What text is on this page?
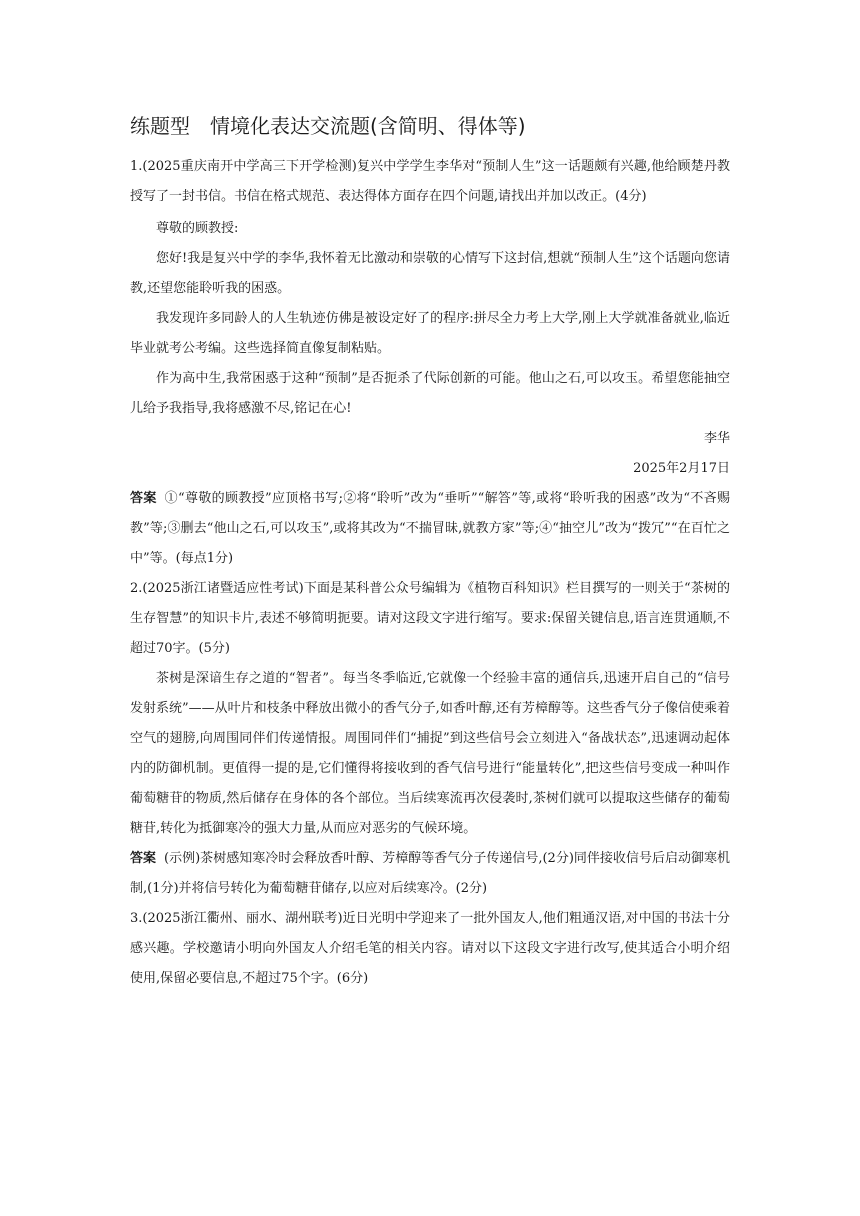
练题型　情境化表达交流题(含简明、得体等)

1.(2025重庆南开中学高三下开学检测)复兴中学学生李华对“预制人生”这一话题颇有兴趣,他给顾楚丹教授写了一封书信。书信在格式规范、表达得体方面存在四个问题,请找出并加以改正。(4分)

尊敬的顾教授:

您好!我是复兴中学的李华,我怀着无比激动和崇敬的心情写下这封信,想就“预制人生”这个话题向您请教,还望您能聆听我的困惑。

我发现许多同龄人的人生轨迹仿佛是被设定好了的程序:拼尽全力考上大学,刚上大学就准备就业,临近毕业就考公考编。这些选择简直像复制粘贴。

作为高中生,我常困惑于这种“预制”是否扼杀了代际创新的可能。他山之石,可以攻玉。希望您能抽空儿给予我指导,我将感激不尽,铭记在心!

李华

2025年2月17日

答案 ①“尊敬的顾教授”应顶格书写;②将“聆听”改为“垂听”“解答”等,或将“聆听我的困惑”改为“不吝赐教”等;③删去“他山之石,可以攻玉”,或将其改为“不揣冒昧,就教方家”等;④“抽空儿”改为“拨冗”“在百忙之中”等。(每点1分)

2.(2025浙江诸暨适应性考试)下面是某科普公众号编辑为《植物百科知识》栏目撰写的一则关于“茶树的生存智慧”的知识卡片,表述不够简明扼要。请对这段文字进行缩写。要求:保留关键信息,语言连贯通顺,不超过70字。(5分)

茶树是深谙生存之道的“智者”。每当冬季临近,它就像一个经验丰富的通信兵,迅速开启自己的“信号发射系统”——从叶片和枝条中释放出微小的香气分子,如香叶醇,还有芳樟醇等。这些香气分子像信使乘着空气的翅膀,向周围同伴们传递情报。周围同伴们“捕捉”到这些信号会立刻进入“备战状态”,迅速调动起体内的防御机制。更值得一提的是,它们懂得将接收到的香气信号进行“能量转化”,把这些信号变成一种叫作葡萄糖苷的物质,然后储存在身体的各个部位。当后续寒流再次侵袭时,茶树们就可以提取这些储存的葡萄糖苷,转化为抵御寒冷的强大力量,从而应对恶劣的气候环境。

答案 (示例)茶树感知寒冷时会释放香叶醇、芳樟醇等香气分子传递信号,(2分)同伴接收信号后启动御寒机制,(1分)并将信号转化为葡萄糖苷储存,以应对后续寒冷。(2分)

3.(2025浙江衢州、丽水、湖州联考)近日光明中学迎来了一批外国友人,他们粗通汉语,对中国的书法十分感兴趣。学校邀请小明向外国友人介绍毛笔的相关内容。请对以下这段文字进行改写,使其适合小明介绍使用,保留必要信息,不超过75个字。(6分)
